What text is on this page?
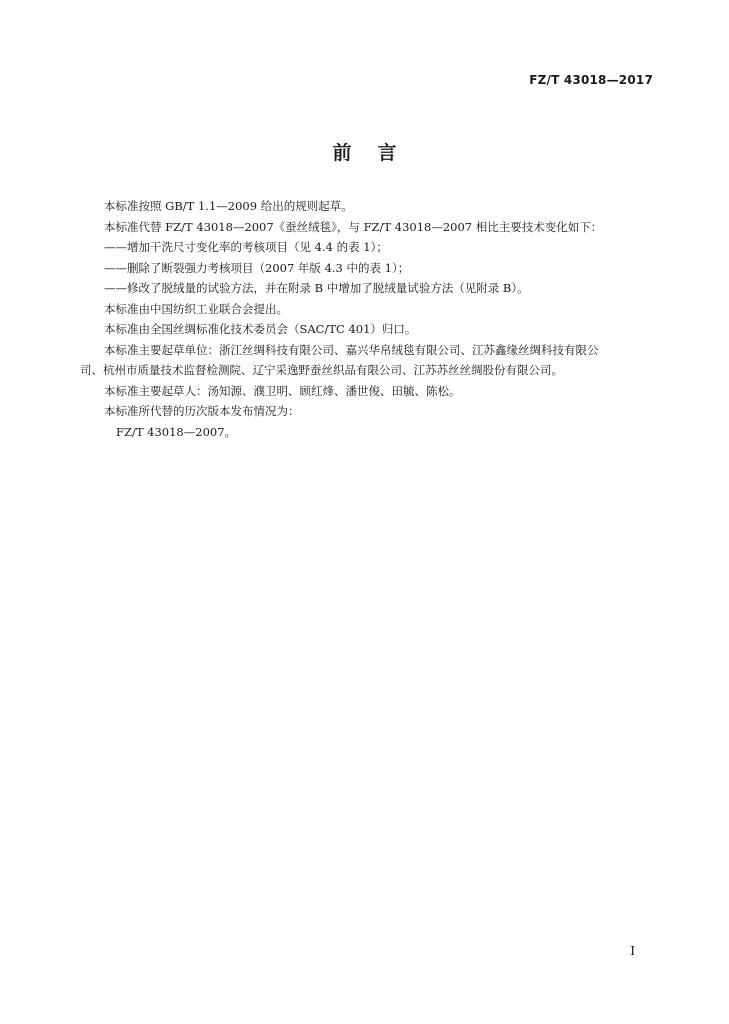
FZ/T 43018—2017
前言

本标准按照 GB/T 1.1—2009 给出的规则起草。

本标准代替 FZ/T 43018—2007《蚕丝绒毯》，与 FZ/T 43018—2007 相比主要技术变化如下：

——增加干洗尺寸变化率的考核项目（见 4.4 的表 1）；

——删除了断裂强力考核项目（2007 年版 4.3 中的表 1）；

——修改了脱绒量的试验方法，并在附录 B 中增加了脱绒量试验方法（见附录 B）。

本标准由中国纺织工业联合会提出。

本标准由全国丝绸标准化技术委员会（SAC/TC 401）归口。

本标准主要起草单位：浙江丝绸科技有限公司、嘉兴华帛绒毯有限公司、江苏鑫缘丝绸科技有限公

司、杭州市质量技术监督检测院、辽宁采逸野蚕丝织品有限公司、江苏苏丝丝绸股份有限公司。

本标准主要起草人：汤知源、濮卫明、顾红烽、潘世俊、田毓、陈松。

本标准所代替的历次版本发布情况为：

FZ/T 43018—2007。

I
